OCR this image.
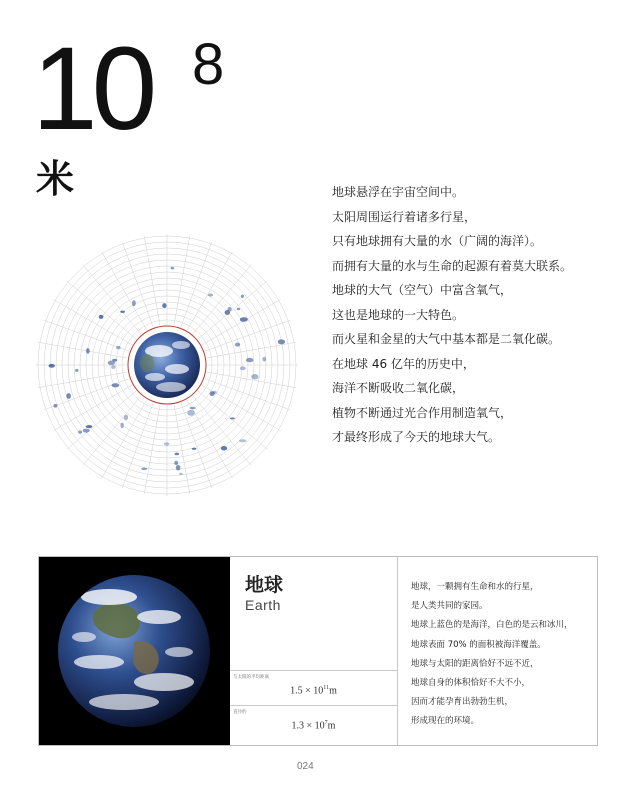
10 8
米	地球悬浮在宇宙空间中。
太阳周围运行着诸多行星，
只有地球拥有大量的水（广阔的海洋）。
而拥有大量的水与生命的起源有着莫大联系。
地球的大气（空气）中富含氧气，
这也是地球的一大特色。
而火星和金星的大气中基本都是二氧化碳。
在地球 46 亿年的历史中，
海洋不断吸收二氧化碳，
植物不断通过光合作用制造氧气，
才最终形成了今天的地球大气。
地球
Earth
与太阳的平均距离
$1.5 \times 10^{11}m$
直径约
$1.3 \times 10^7m$
地球，一颗拥有生命和水的行星，
是人类共同的家园。
地球上蓝色的是海洋，白色的是云和冰川，
地球表面 70% 的面积被海洋覆盖。
地球与太阳的距离恰好不远不近，
地球自身的体积恰好不大不小，
因而才能孕育出勃勃生机，
形成现在的环境。
024
